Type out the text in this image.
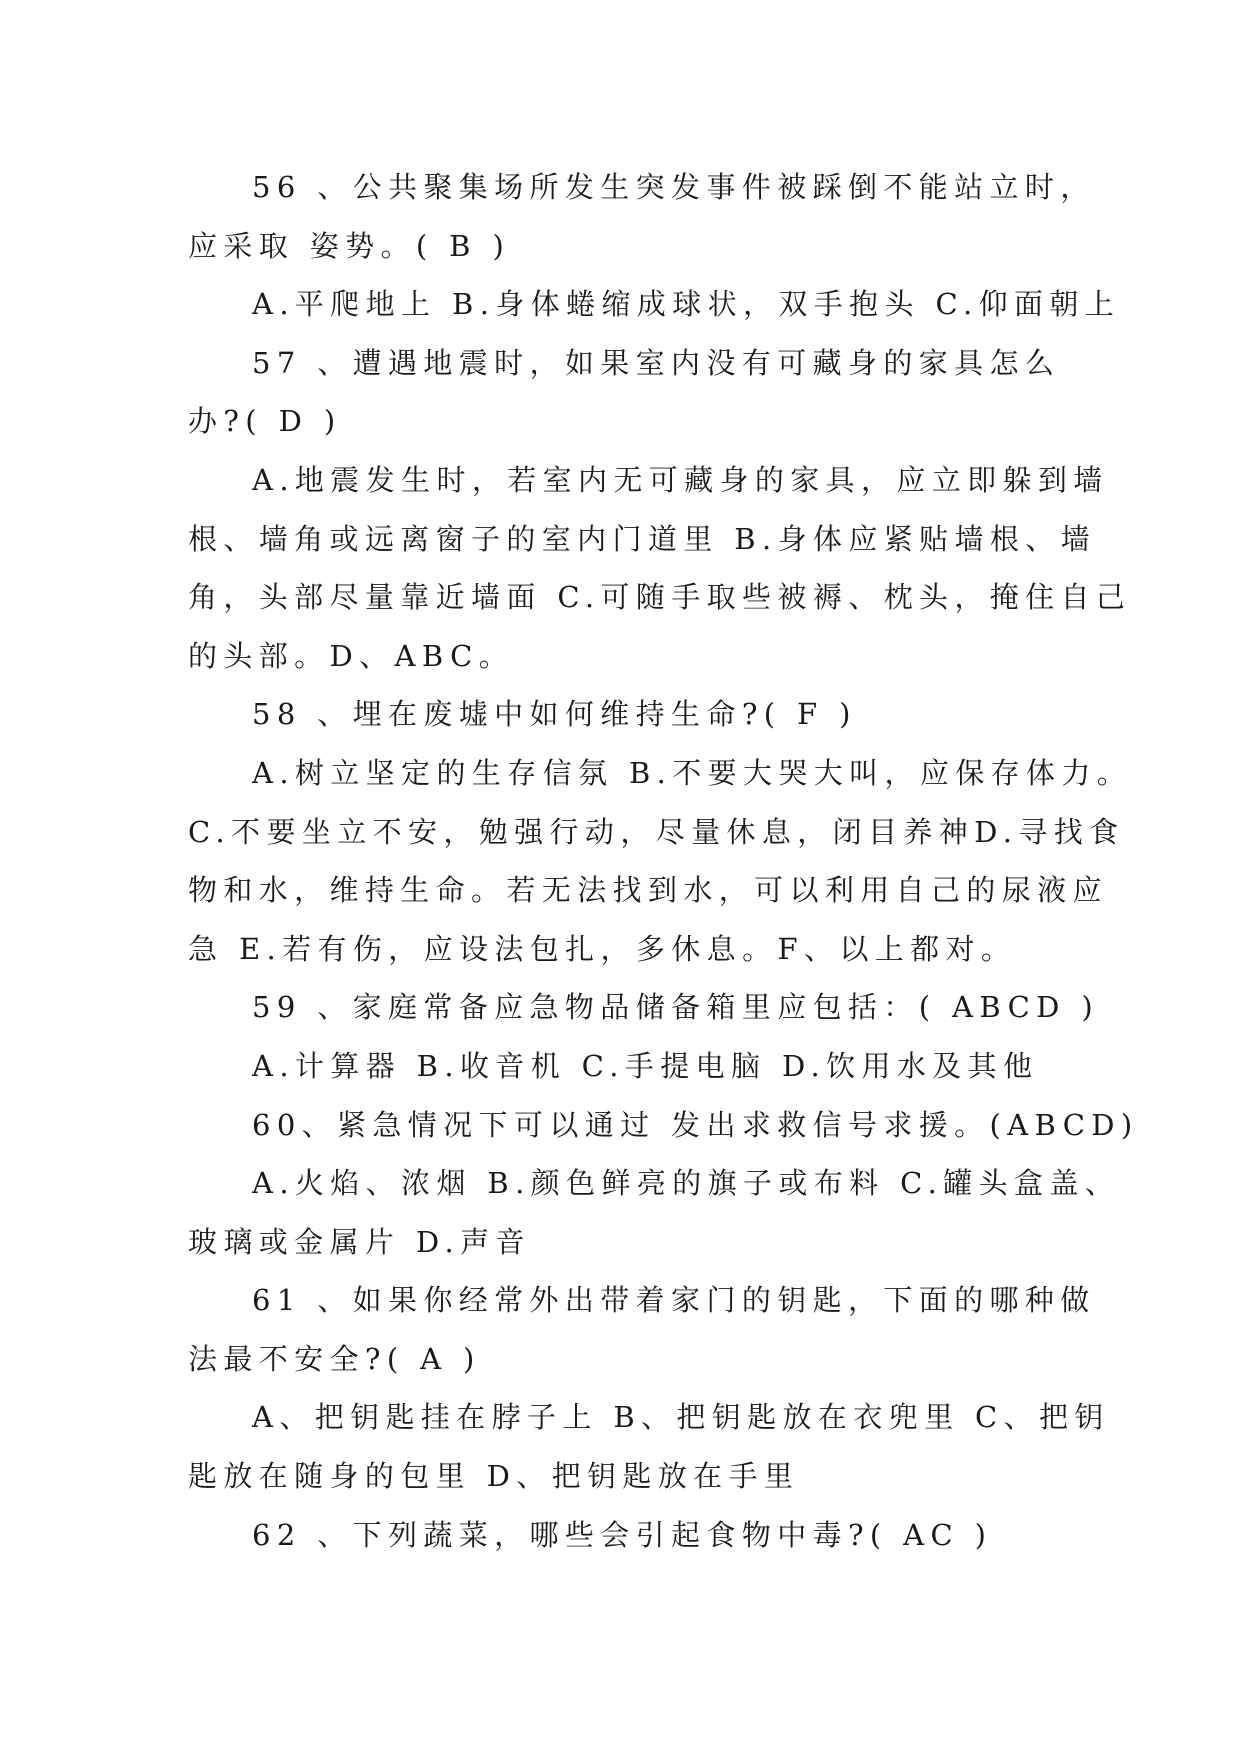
56 、公共聚集场所发生突发事件被踩倒不能站立时，
应采取 姿势。( B )
A.平爬地上 B.身体蜷缩成球状，双手抱头 C.仰面朝上
57 、遭遇地震时，如果室内没有可藏身的家具怎么
办?( D )
A.地震发生时，若室内无可藏身的家具，应立即躲到墙
根、墙角或远离窗子的室内门道里 B.身体应紧贴墙根、墙
角，头部尽量靠近墙面 C.可随手取些被褥、枕头，掩住自己
的头部。D、ABC。
58 、埋在废墟中如何维持生命?( F )
A.树立坚定的生存信氛 B.不要大哭大叫，应保存体力。
C.不要坐立不安，勉强行动，尽量休息，闭目养神D.寻找食
物和水，维持生命。若无法找到水，可以利用自己的尿液应
急 E.若有伤，应设法包扎，多休息。F、以上都对。
59 、家庭常备应急物品储备箱里应包括：( ABCD )
A.计算器 B.收音机 C.手提电脑 D.饮用水及其他
60、紧急情况下可以通过 发出求救信号求援。(ABCD)
A.火焰、浓烟 B.颜色鲜亮的旗子或布料 C.罐头盒盖、
玻璃或金属片 D.声音
61 、如果你经常外出带着家门的钥匙，下面的哪种做
法最不安全?( A )
A、把钥匙挂在脖子上 B、把钥匙放在衣兜里 C、把钥
匙放在随身的包里 D、把钥匙放在手里
62 、下列蔬菜，哪些会引起食物中毒?( AC )
